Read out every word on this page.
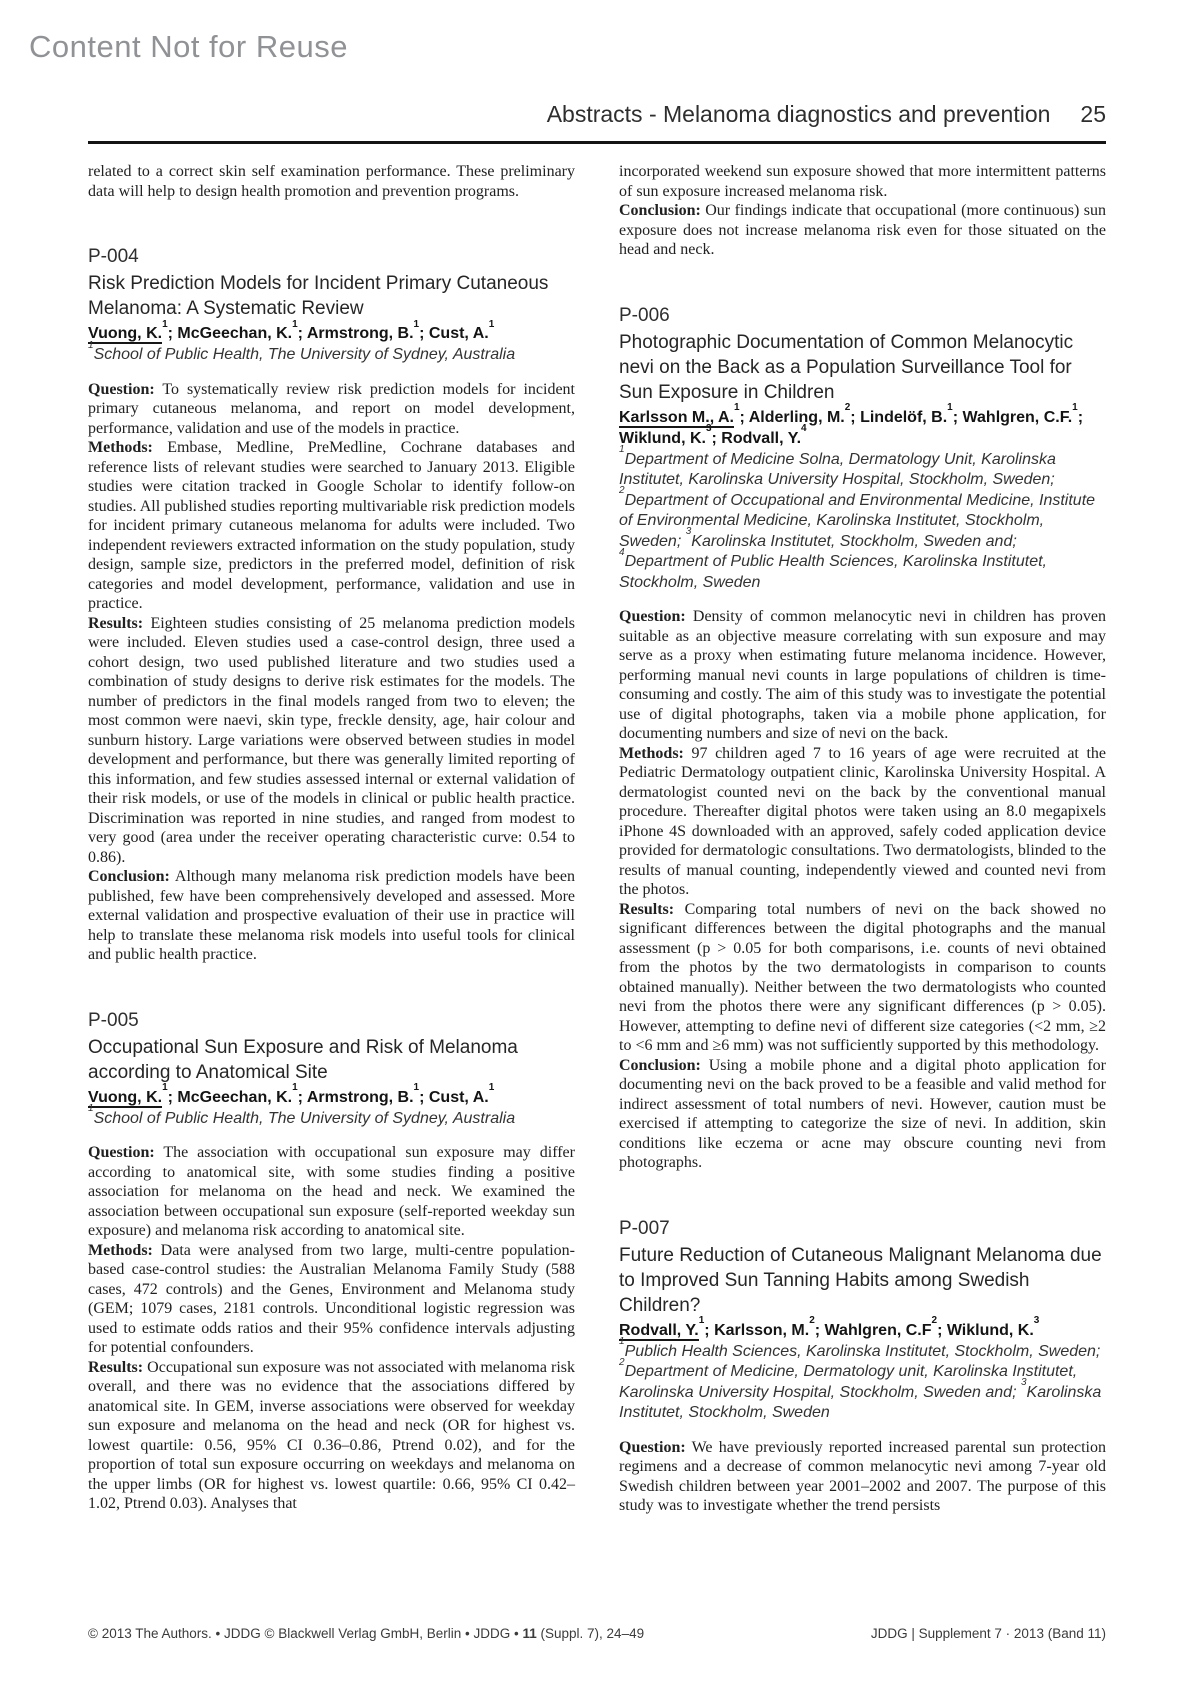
Content Not for Reuse
Abstracts - Melanoma diagnostics and prevention 25

related to a correct skin self examination performance. These preliminary data will help to design health promotion and prevention programs.

P-004
Risk Prediction Models for Incident Primary Cutaneous Melanoma: A Systematic Review
Vuong, K.$^1$; McGeechan, K.$^1$; Armstrong, B.$^1$; Cust, A.$^1$
$^1$School of Public Health, The University of Sydney, Australia

Question: To systematically review risk prediction models for incident primary cutaneous melanoma, and report on model development, performance, validation and use of the models in practice.

Methods: Embase, Medline, PreMedline, Cochrane databases and reference lists of relevant studies were searched to January 2013. Eligible studies were citation tracked in Google Scholar to identify follow-on studies. All published studies reporting multivariable risk prediction models for incident primary cutaneous melanoma for adults were included. Two independent reviewers extracted information on the study population, study design, sample size, predictors in the preferred model, definition of risk categories and model development, performance, validation and use in practice.

Results: Eighteen studies consisting of 25 melanoma prediction models were included. Eleven studies used a case-control design, three used a cohort design, two used published literature and two studies used a combination of study designs to derive risk estimates for the models. The number of predictors in the final models ranged from two to eleven; the most common were naevi, skin type, freckle density, age, hair colour and sunburn history. Large variations were observed between studies in model development and performance, but there was generally limited reporting of this information, and few studies assessed internal or external validation of their risk models, or use of the models in clinical or public health practice. Discrimination was reported in nine studies, and ranged from modest to very good (area under the receiver operating characteristic curve: 0.54 to 0.86).

Conclusion: Although many melanoma risk prediction models have been published, few have been comprehensively developed and assessed. More external validation and prospective evaluation of their use in practice will help to translate these melanoma risk models into useful tools for clinical and public health practice.

P-005
Occupational Sun Exposure and Risk of Melanoma according to Anatomical Site
Vuong, K.$^1$; McGeechan, K.$^1$; Armstrong, B.$^1$; Cust, A.$^1$
$^1$School of Public Health, The University of Sydney, Australia

Question: The association with occupational sun exposure may differ according to anatomical site, with some studies finding a positive association for melanoma on the head and neck. We examined the association between occupational sun exposure (self-reported weekday sun exposure) and melanoma risk according to anatomical site.

Methods: Data were analysed from two large, multi-centre population-based case-control studies: the Australian Melanoma Family Study (588 cases, 472 controls) and the Genes, Environment and Melanoma study (GEM; 1079 cases, 2181 controls. Unconditional logistic regression was used to estimate odds ratios and their 95% confidence intervals adjusting for potential confounders.

Results: Occupational sun exposure was not associated with melanoma risk overall, and there was no evidence that the associations differed by anatomical site. In GEM, inverse associations were observed for weekday sun exposure and melanoma on the head and neck (OR for highest vs. lowest quartile: 0.56, 95% CI 0.36–0.86, Ptrend 0.02), and for the proportion of total sun exposure occurring on weekdays and melanoma on the upper limbs (OR for highest vs. lowest quartile: 0.66, 95% CI 0.42–1.02, Ptrend 0.03). Analyses that

incorporated weekend sun exposure showed that more intermittent patterns of sun exposure increased melanoma risk.

Conclusion: Our findings indicate that occupational (more continuous) sun exposure does not increase melanoma risk even for those situated on the head and neck.

P-006
Photographic Documentation of Common Melanocytic nevi on the Back as a Population Surveillance Tool for Sun Exposure in Children
Karlsson M., A.$^1$; Alderling, M.$^2$; Lindelöf, B.$^1$; Wahlgren, C.F.$^1$; Wiklund, K.$^3$; Rodvall, Y.$^4$
$^1$Department of Medicine Solna, Dermatology Unit, Karolinska Institutet, Karolinska University Hospital, Stockholm, Sweden; $^2$Department of Occupational and Environmental Medicine, Institute of Environmental Medicine, Karolinska Institutet, Stockholm, Sweden; $^3$Karolinska Institutet, Stockholm, Sweden and; $^4$Department of Public Health Sciences, Karolinska Institutet, Stockholm, Sweden

Question: Density of common melanocytic nevi in children has proven suitable as an objective measure correlating with sun exposure and may serve as a proxy when estimating future melanoma incidence. However, performing manual nevi counts in large populations of children is time-consuming and costly. The aim of this study was to investigate the potential use of digital photographs, taken via a mobile phone application, for documenting numbers and size of nevi on the back.

Methods: 97 children aged 7 to 16 years of age were recruited at the Pediatric Dermatology outpatient clinic, Karolinska University Hospital. A dermatologist counted nevi on the back by the conventional manual procedure. Thereafter digital photos were taken using an 8.0 megapixels iPhone 4S downloaded with an approved, safely coded application device provided for dermatologic consultations. Two dermatologists, blinded to the results of manual counting, independently viewed and counted nevi from the photos.

Results: Comparing total numbers of nevi on the back showed no significant differences between the digital photographs and the manual assessment (p > 0.05 for both comparisons, i.e. counts of nevi obtained from the photos by the two dermatologists in comparison to counts obtained manually). Neither between the two dermatologists who counted nevi from the photos there were any significant differences (p > 0.05). However, attempting to define nevi of different size categories (<2 mm, ≥2 to <6 mm and ≥6 mm) was not sufficiently supported by this methodology.

Conclusion: Using a mobile phone and a digital photo application for documenting nevi on the back proved to be a feasible and valid method for indirect assessment of total numbers of nevi. However, caution must be exercised if attempting to categorize the size of nevi. In addition, skin conditions like eczema or acne may obscure counting nevi from photographs.

P-007
Future Reduction of Cutaneous Malignant Melanoma due to Improved Sun Tanning Habits among Swedish Children?
Rodvall, Y.$^1$; Karlsson, M.$^2$; Wahlgren, $C.F^2$; Wiklund, K.$^3$
$^1$Publich Health Sciences, Karolinska Institutet, Stockholm, Sweden; $^2$Department of Medicine, Dermatology unit, Karolinska Institutet, Karolinska University Hospital, Stockholm, Sweden and; $^3$Karolinska Institutet, Stockholm, Sweden

Question: We have previously reported increased parental sun protection regimens and a decrease of common melanocytic nevi among 7-year old Swedish children between year 2001–2002 and 2007. The purpose of this study was to investigate whether the trend persists

© 2013 The Authors. • JDDG © Blackwell Verlag GmbH, Berlin • JDDG • 11 (Suppl. 7), 24–49	JDDG | Supplement 7 · 2013 (Band 11)
